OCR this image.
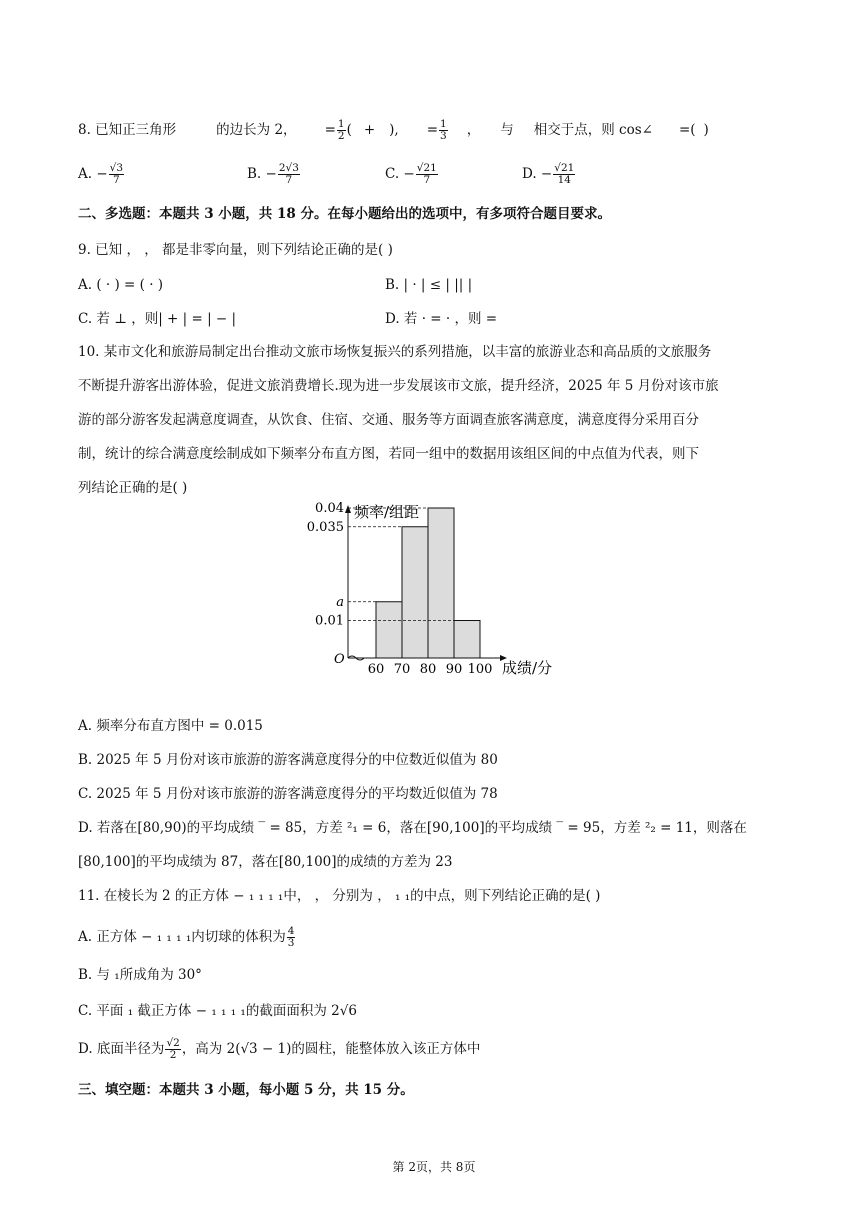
8. 已知正三角形	的边长为 2， = $\frac{1}{2}$ ( + ), = $\frac{1}{3}$ ， 与 相交于点，则 cos∠ =( )
A. − $\frac{√3}{7}$	B. − $\frac{2√3}{7}$	C. − $\frac{√21}{7}$	D. − $\frac{√21}{14}$
二、多选题：本题共 3 小题，共 18 分。在每小题给出的选项中，有多项符合题目要求。
9. 已知 ， ， 都是非零向量，则下列结论正确的是( )
A. ( · ) = ( · )	B. | · | ≤ | || |
C. 若 ⊥ ，则| + | = | − |	D. 若 · = · ，则 =
10. 某市文化和旅游局制定出台推动文旅市场恢复振兴的系列措施，以丰富的旅游业态和高品质的文旅服务
不断提升游客出游体验，促进文旅消费增长.现为进一步发展该市文旅，提升经济，2025 年 5 月份对该市旅
游的部分游客发起满意度调查，从饮食、住宿、交通、服务等方面调查旅客满意度，满意度得分采用百分
制，统计的综合满意度绘制成如下频率分布直方图，若同一组中的数据用该组区间的中点值为代表，则下
列结论正确的是( )
频率/组距
成绩/分
O
0.04
0.035
a
0.01
60 70 80 90 100
A. 频率分布直方图中 = 0.015
B. 2025 年 5 月份对该市旅游的游客满意度得分的中位数近似值为 80
C. 2025 年 5 月份对该市旅游的游客满意度得分的平均数近似值为 78
D. 若落在[80,90)的平均成绩 ‾ = 85，方差 ²₁ = 6，落在[90,100]的平均成绩 ‾ = 95，方差 ²₂ = 11，则落在
[80,100]的平均成绩为 87，落在[80,100]的成绩的方差为 23
11. 在棱长为 2 的正方体 − ₁ ₁ ₁ ₁中， ， 分别为 ， ₁ ₁的中点，则下列结论正确的是( )
A. 正方体 − ₁ ₁ ₁ ₁内切球的体积为 $\frac{4}{3}$
B. 与 ₁所成角为 30°
C. 平面 ₁ 截正方体 − ₁ ₁ ₁ ₁的截面面积为 2√6
D. 底面半径为 $\frac{√2}{2}$ ，高为 2(√3 − 1)的圆柱，能整体放入该正方体中
三、填空题：本题共 3 小题，每小题 5 分，共 15 分。
第 2页，共 8页
